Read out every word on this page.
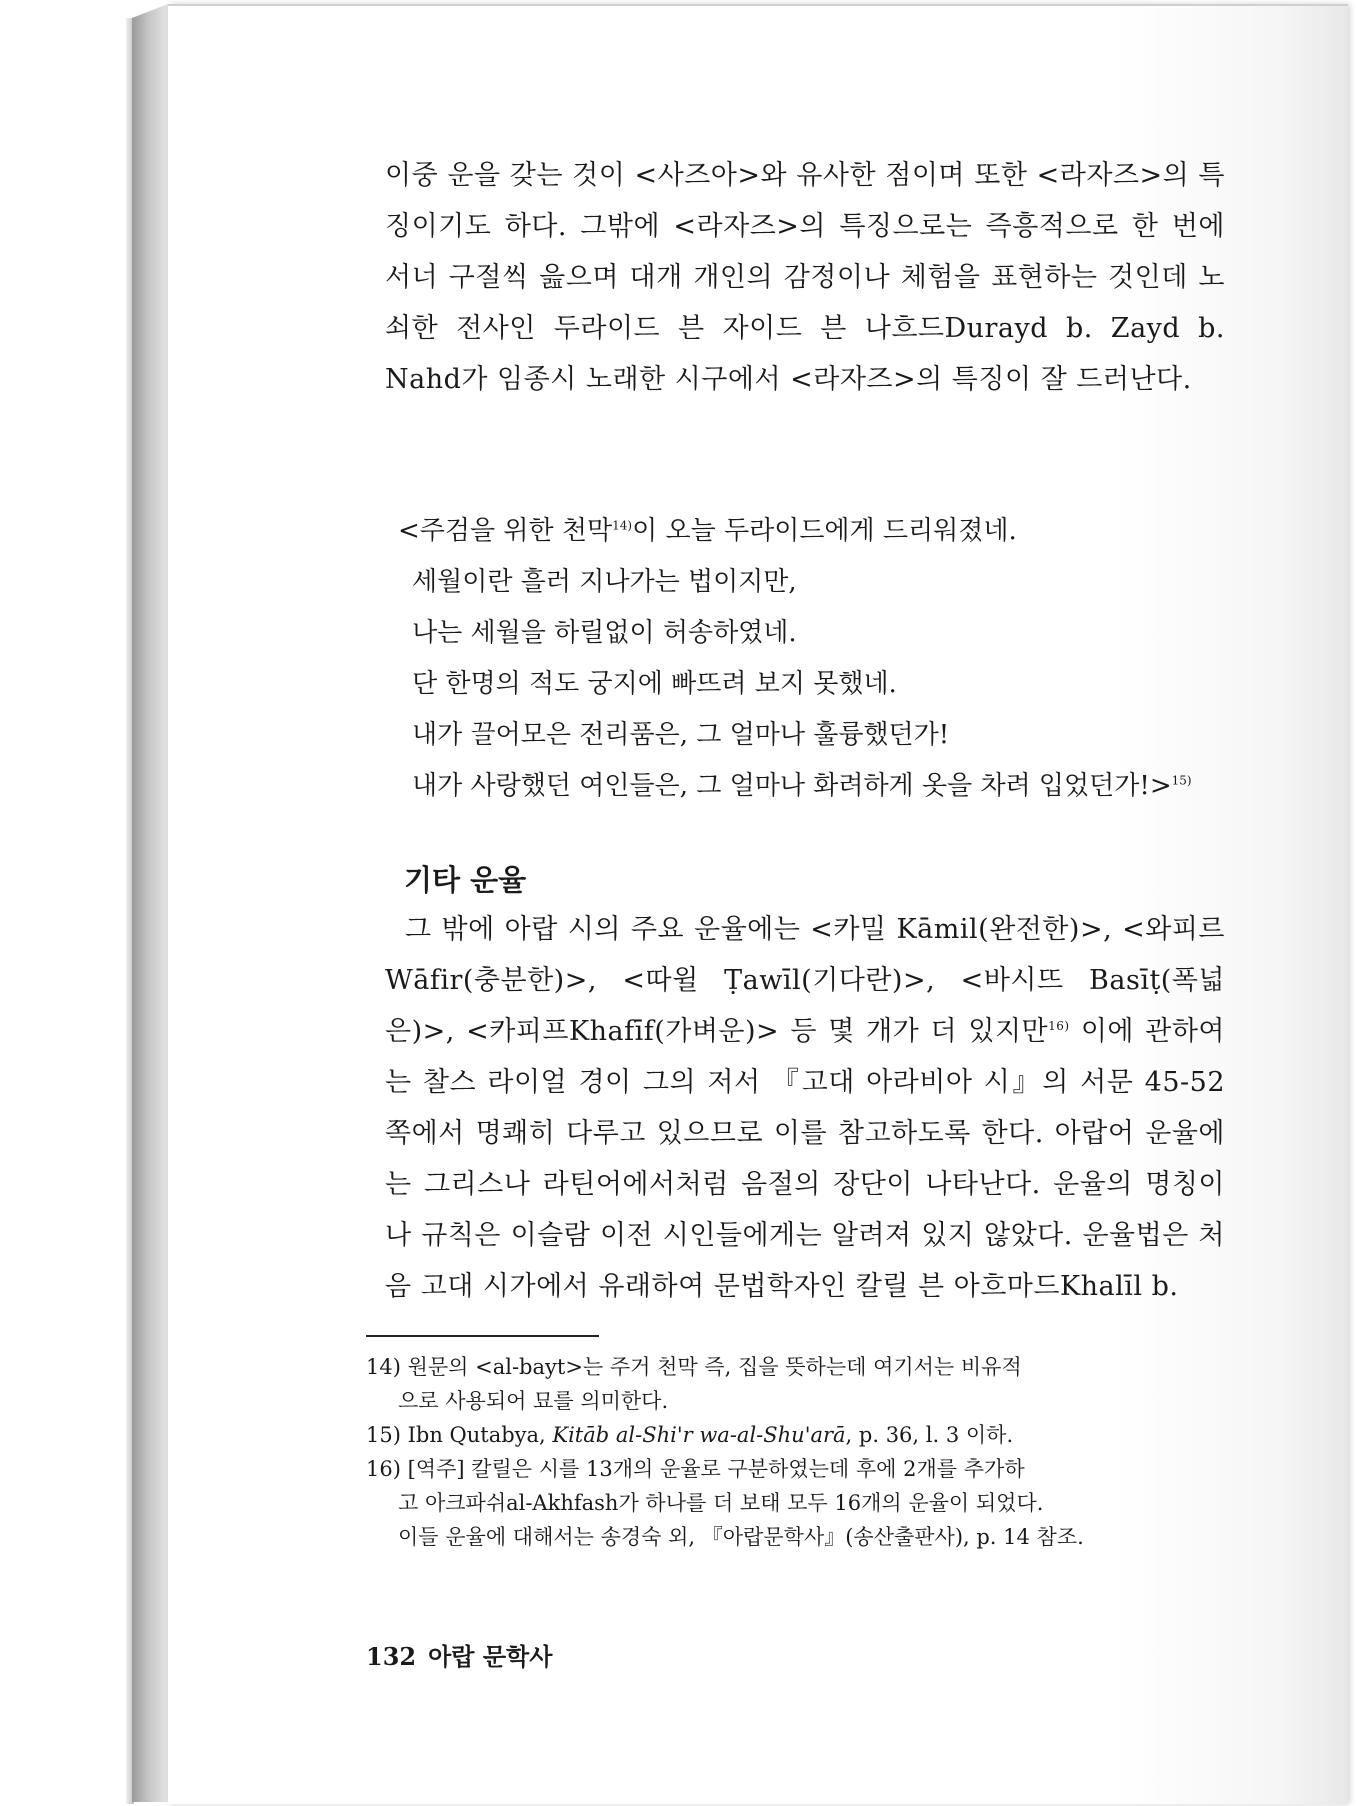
이중 운을 갖는 것이 <사즈아>와 유사한 점이며 또한 <라자즈>의 특징이기도 하다. 그밖에 <라자즈>의 특징으로는 즉흥적으로 한 번에 서너 구절씩 읊으며 대개 개인의 감정이나 체험을 표현하는 것인데 노쇠한 전사인 두라이드 븐 자이드 븐 나흐드Durayd b. Zayd b. Nahd가 임종시 노래한 시구에서 <라자즈>의 특징이 잘 드러난다.
<주검을 위한 천막$^{14)}$이 오늘 두라이드에게 드리워졌네.
세월이란 흘러 지나가는 법이지만,
나는 세월을 하릴없이 허송하였네.
단 한명의 적도 궁지에 빠뜨려 보지 못했네.
내가 끌어모은 전리품은, 그 얼마나 훌륭했던가!
내가 사랑했던 여인들은, 그 얼마나 화려하게 옷을 차려 입었던가!>$^{15)}$
기타 운율
그 밖에 아랍 시의 주요 운율에는 <카밀 Kāmil(완전한)>, <와피르 Wāfir(충분한)>, <따윌 Ṭawīl(기다란)>, <바시뜨 Basīṭ(폭넓은)>, <카피프Khafīf(가벼운)> 등 몇 개가 더 있지만$^{16)}$ 이에 관하여는 찰스 라이얼 경이 그의 저서 『고대 아라비아 시』의 서문 45-52 쪽에서 명쾌히 다루고 있으므로 이를 참고하도록 한다. 아랍어 운율에는 그리스나 라틴어에서처럼 음절의 장단이 나타난다. 운율의 명칭이나 규칙은 이슬람 이전 시인들에게는 알려져 있지 않았다. 운율법은 처음 고대 시가에서 유래하여 문법학자인 칼릴 븐 아흐마드Khalīl b.
14) 원문의 <al-bayt>는 주거 천막 즉, 집을 뜻하는데 여기서는 비유적
으로 사용되어 묘를 의미한다.
15) Ibn Qutabya, Kitāb al-Shi'r wa-al-Shu'arā, p. 36, l. 3 이하.
16) [역주] 칼릴은 시를 13개의 운율로 구분하였는데 후에 2개를 추가하
고 아크파쉬al-Akhfash가 하나를 더 보태 모두 16개의 운율이 되었다.
이들 운율에 대해서는 송경숙 외, 『아랍문학사』(송산출판사), p. 14 참조.
132 아랍 문학사
